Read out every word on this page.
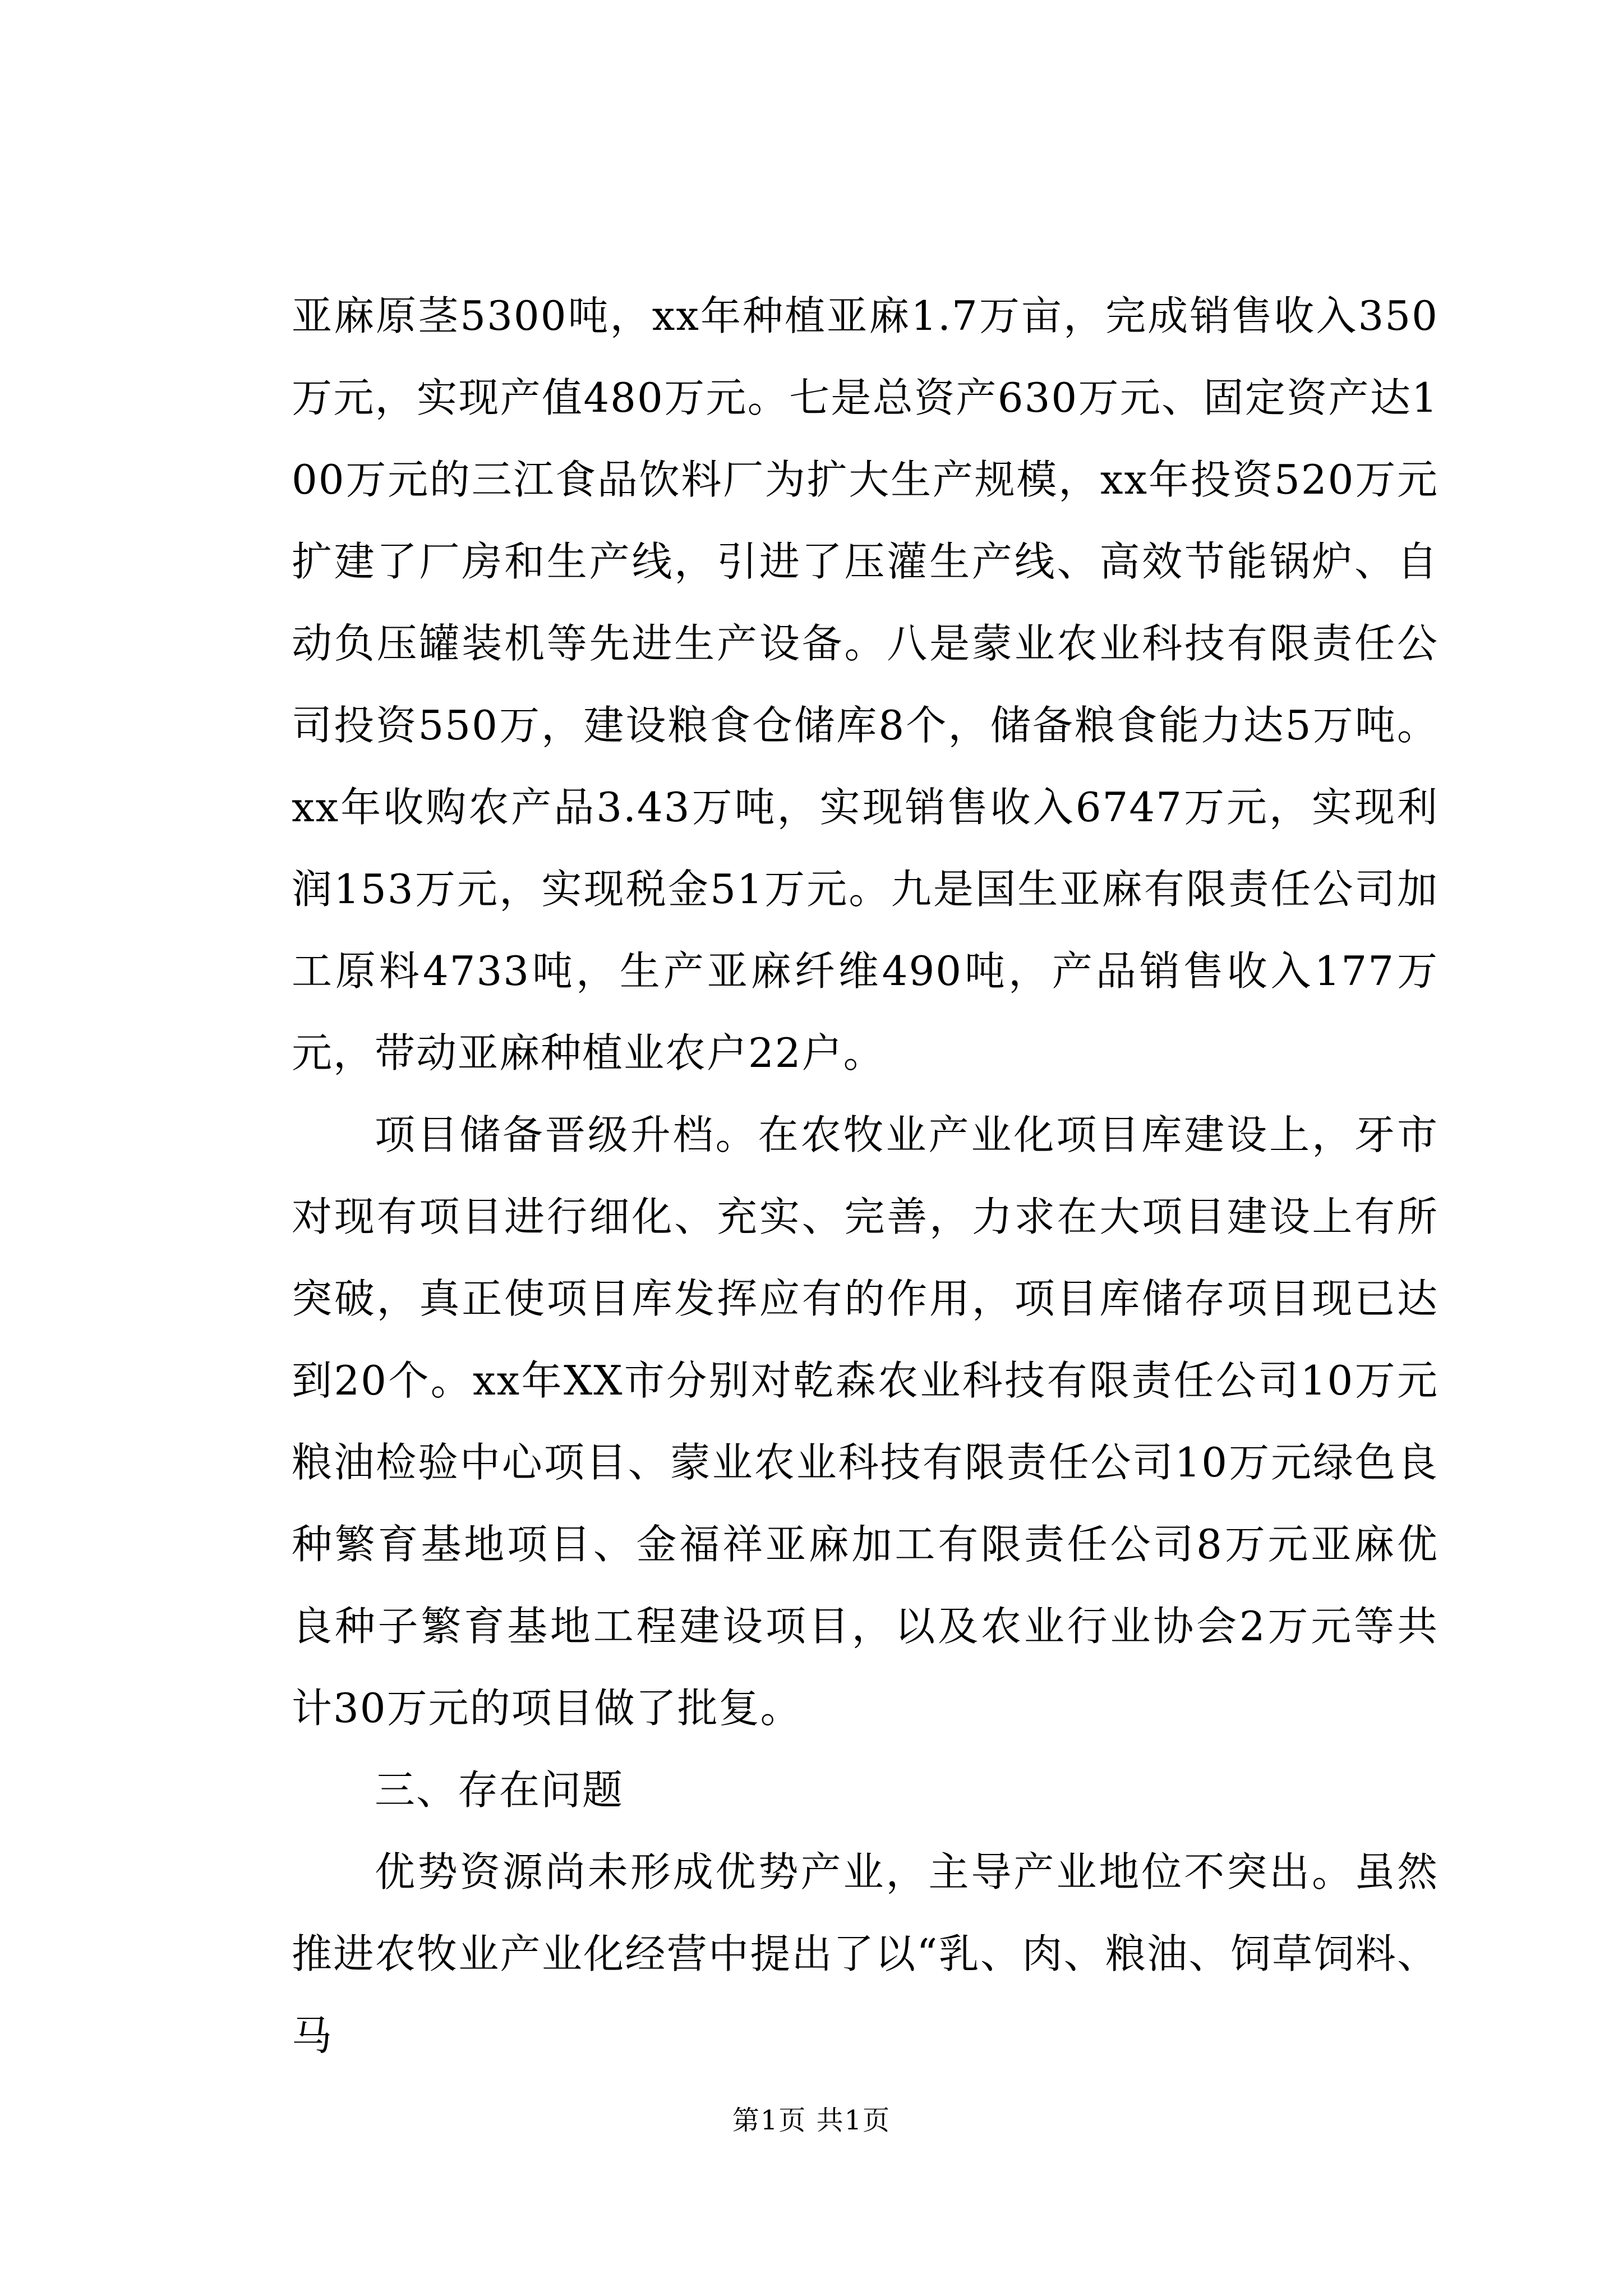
亚麻原茎5300吨，xx年种植亚麻1.7万亩，完成销售收入350万元，实现产值480万元。七是总资产630万元、固定资产达100万元的三江食品饮料厂为扩大生产规模，xx年投资520万元扩建了厂房和生产线，引进了压灌生产线、高效节能锅炉、自动负压罐装机等先进生产设备。八是蒙业农业科技有限责任公司投资550万，建设粮食仓储库8个，储备粮食能力达5万吨。xx年收购农产品3.43万吨，实现销售收入6747万元，实现利润153万元，实现税金51万元。九是国生亚麻有限责任公司加工原料4733吨，生产亚麻纤维490吨，产品销售收入177万元，带动亚麻种植业农户22户。

项目储备晋级升档。在农牧业产业化项目库建设上，牙市对现有项目进行细化、充实、完善，力求在大项目建设上有所突破，真正使项目库发挥应有的作用，项目库储存项目现已达到20个。xx年XX市分别对乾森农业科技有限责任公司10万元粮油检验中心项目、蒙业农业科技有限责任公司10万元绿色良种繁育基地项目、金福祥亚麻加工有限责任公司8万元亚麻优良种子繁育基地工程建设项目，以及农业行业协会2万元等共计30万元的项目做了批复。

三、存在问题

优势资源尚未形成优势产业，主导产业地位不突出。虽然推进农牧业产业化经营中提出了以“乳、肉、粮油、饲草饲料、马

第1页 共1页
